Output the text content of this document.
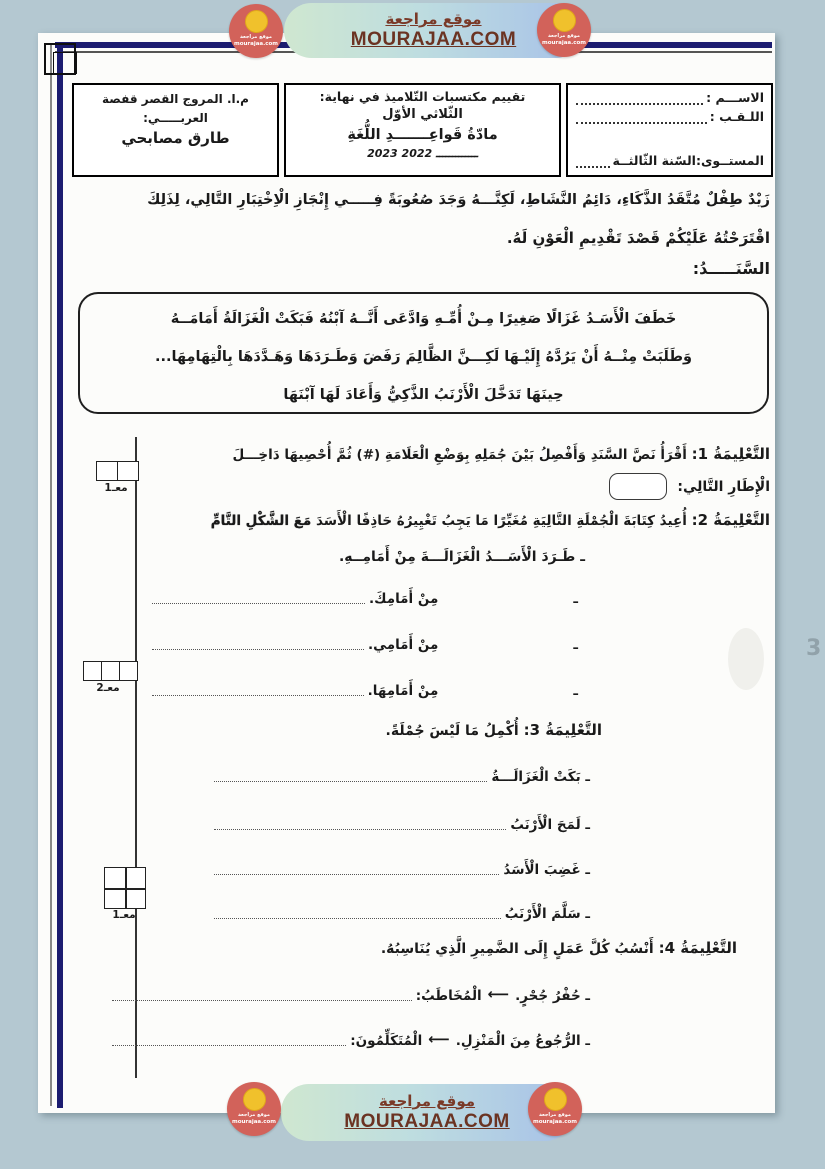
الاســـم :
اللـقـب :
المستــوى:
السّنة الثّالثــة
تقييم مكتسبات التّلاميذ في نهاية:
الثّلاثي الأوّل
مادّةُ قَواعِـــــــدِ اللُّغَةِ
2023 ـــــــــــــ 2022
م.ا. المروج القصر قفصة
العربـــــي:
طارق مصابحي
زَيْدٌ طِفْلٌ مُتَّقَدُ الذَّكَاءِ، دَائِمُ النَّشَاطِ، لَكِنَّـــهُ وَجَدَ صُعُوبَةً فِـــــي إِنْجَازِ الْاِخْتِبَارِ التَّالِي، لِذَلِكَ
اقْتَرَحْتُهُ عَلَيْكُمْ قَصْدَ تَقْدِيمِ الْعَوْنِ لَهُ.
السَّنَـــــدُ:
خَطَفَ الْأَسَـدُ غَزَالًا صَغِيرًا مِـنْ أُمِّـهِ وَادَّعَى أَنَّــهُ آبْنُهُ فَبَكَتْ الْغَزَالَةُ أَمَامَــهُ
وَطَلَبَتْ مِنْــهُ أَنْ يَرُدَّهُ إِلَيْـهَا لَكِـــنَّ الظَّالِمَ رَفَضَ وَطَـرَدَهَا وَهَـدَّدَهَا بِالْتِهَامِهَا...
حِينَهَا تَدَخَّلَ الْأَرْنَبُ الذَّكِيُّ وَأَعَادَ لَهَا آبْنَهَا
معـ1
معـ2
معـ1
التَّعْلِيمَةُ 1: أَقْرَأُ نَصَّ السَّنَدِ وَأَفْصِلُ بَيْنَ جُمَلِهِ بِوَضْعِ الْعَلَامَةِ (#) ثُمَّ أُحْصِيهَا دَاخِـــلَ
الْإِطَارِ التَّالِي:
التَّعْلِيمَةُ 2: أُعِيدُ كِتَابَةَ الْجُمْلَةِ التَّالِيَةِ مُغَيِّرًا مَا يَجِبُ تَغْيِيرُهُ حَاذِفًا الْأَسَدَ مَعَ الشَّكْلِ التَّامِّ
ـ طَـرَدَ الْأَسَـــدُ الْغَزَالَـــةَ مِنْ أَمَامِــهِ.
ـ
مِنْ أَمَامِكَ.
ـ
مِنْ أَمَامِي.
ـ
مِنْ أَمَامِهَا.
التَّعْلِيمَةُ 3: أُكْمِلُ مَا لَيْسَ جُمْلَةً.
ـ بَكَتْ الْغَزَالَـــةُ
ـ لَمَحَ الْأَرْنَبُ
ـ غَضِبَ الْأَسَدُ
ـ سَلَّمَ الْأَرْنَبُ
التَّعْلِيمَةُ 4: أَنْسُبُ كُلَّ عَمَلٍ إِلَى الضَّمِيرِ الَّذِي يُنَاسِبُهُ.
ـ حُفْرُ جُحْرٍ.
⟵
الْمُخَاطَبُ:
ـ الرُّجُوعُ مِنَ الْمَنْزِلِ.
⟵
الْمُتَكَلِّمُونَ:
3
موقع مراجعة
MOURAJAA.COM
موقع مراجعة
mourajaa.com
موقع مراجعة
mourajaa.com
موقع مراجعة
MOURAJAA.COM
موقع مراجعة
mourajaa.com
موقع مراجعة
mourajaa.com
